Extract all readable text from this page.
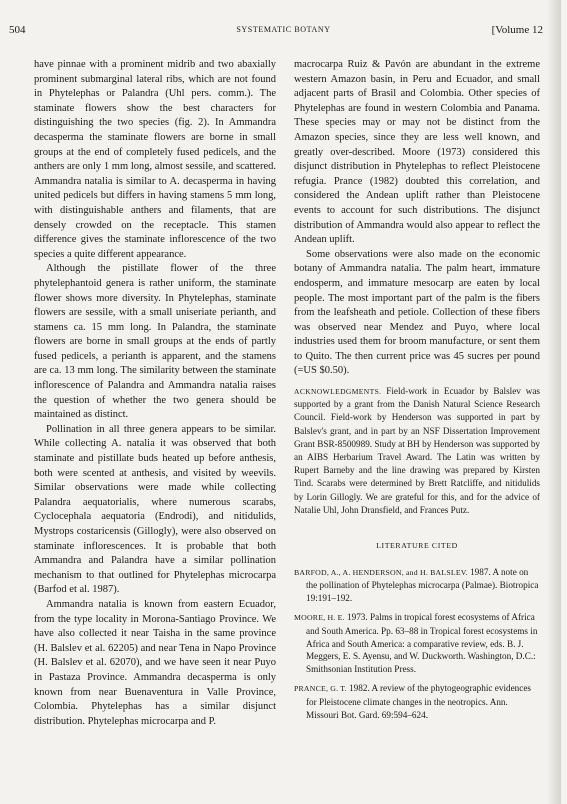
504	SYSTEMATIC BOTANY	[Volume 12

have pinnae with a prominent midrib and two abaxially prominent submarginal lateral ribs, which are not found in Phytelephas or Palandra (Uhl pers. comm.). The staminate flowers show the best characters for distinguishing the two species (fig. 2). In Ammandra decasperma the staminate flowers are borne in small groups at the end of completely fused pedicels, and the anthers are only 1 mm long, almost sessile, and scattered. Ammandra natalia is similar to A. decasperma in having united pedicels but differs in having stamens 5 mm long, with distinguishable anthers and filaments, that are densely crowded on the receptacle. This stamen difference gives the staminate inflorescence of the two species a quite different appearance.

Although the pistillate flower of the three phytelephantoid genera is rather uniform, the staminate flower shows more diversity. In Phytelephas, staminate flowers are sessile, with a small uniseriate perianth, and stamens ca. 15 mm long. In Palandra, the staminate flowers are borne in small groups at the ends of partly fused pedicels, a perianth is apparent, and the stamens are ca. 13 mm long. The similarity between the staminate inflorescence of Palandra and Ammandra natalia raises the question of whether the two genera should be maintained as distinct.

Pollination in all three genera appears to be similar. While collecting A. natalia it was observed that both staminate and pistillate buds heated up before anthesis, both were scented at anthesis, and visited by weevils. Similar observations were made while collecting Palandra aequatorialis, where numerous scarabs, Cyclocephala aequatoria (Endrodi), and nitidulids, Mystrops costaricensis (Gillogly), were also observed on staminate inflorescences. It is probable that both Ammandra and Palandra have a similar pollination mechanism to that outlined for Phytelephas microcarpa (Barfod et al. 1987).

Ammandra natalia is known from eastern Ecuador, from the type locality in Morona-Santiago Province. We have also collected it near Taisha in the same province (H. Balslev et al. 62205) and near Tena in Napo Province (H. Balslev et al. 62070), and we have seen it near Puyo in Pastaza Province. Ammandra decasperma is only known from near Buenaventura in Valle Province, Colombia. Phytelephas has a similar disjunct distribution. Phytelephas microcarpa and P.

macrocarpa Ruiz & Pavón are abundant in the extreme western Amazon basin, in Peru and Ecuador, and small adjacent parts of Brasil and Colombia. Other species of Phytelephas are found in western Colombia and Panama. These species may or may not be distinct from the Amazon species, since they are less well known, and greatly over-described. Moore (1973) considered this disjunct distribution in Phytelephas to reflect Pleistocene refugia. Prance (1982) doubted this correlation, and considered the Andean uplift rather than Pleistocene events to account for such distributions. The disjunct distribution of Ammandra would also appear to reflect the Andean uplift.

Some observations were also made on the economic botany of Ammandra natalia. The palm heart, immature endosperm, and immature mesocarp are eaten by local people. The most important part of the palm is the fibers from the leafsheath and petiole. Collection of these fibers was observed near Mendez and Puyo, where local industries used them for broom manufacture, or sent them to Quito. The then current price was 45 sucres per pound (=US $0.50).

ACKNOWLEDGMENTS. Field-work in Ecuador by Balslev was supported by a grant from the Danish Natural Science Research Council. Field-work by Henderson was supported in part by Balslev's grant, and in part by an NSF Dissertation Improvement Grant BSR-8500989. Study at BH by Henderson was supported by an AIBS Herbarium Travel Award. The Latin was written by Rupert Barneby and the line drawing was prepared by Kirsten Tind. Scarabs were determined by Brett Ratcliffe, and nitidulids by Lorin Gillogly. We are grateful for this, and for the advice of Natalie Uhl, John Dransfield, and Frances Putz.

LITERATURE CITED
BARFOD, A., A. HENDERSON, and H. BALSLEV. 1987. A note on the pollination of Phytelephas microcarpa (Palmae). Biotropica 19:191–192.
MOORE, H. E. 1973. Palms in tropical forest ecosystems of Africa and South America. Pp. 63–88 in Tropical forest ecosystems in Africa and South America: a comparative review, eds. B. J. Meggers, E. S. Ayensu, and W. Duckworth. Washington, D.C.: Smithsonian Institution Press.
PRANCE, G. T. 1982. A review of the phytogeographic evidences for Pleistocene climate changes in the neotropics. Ann. Missouri Bot. Gard. 69:594–624.
